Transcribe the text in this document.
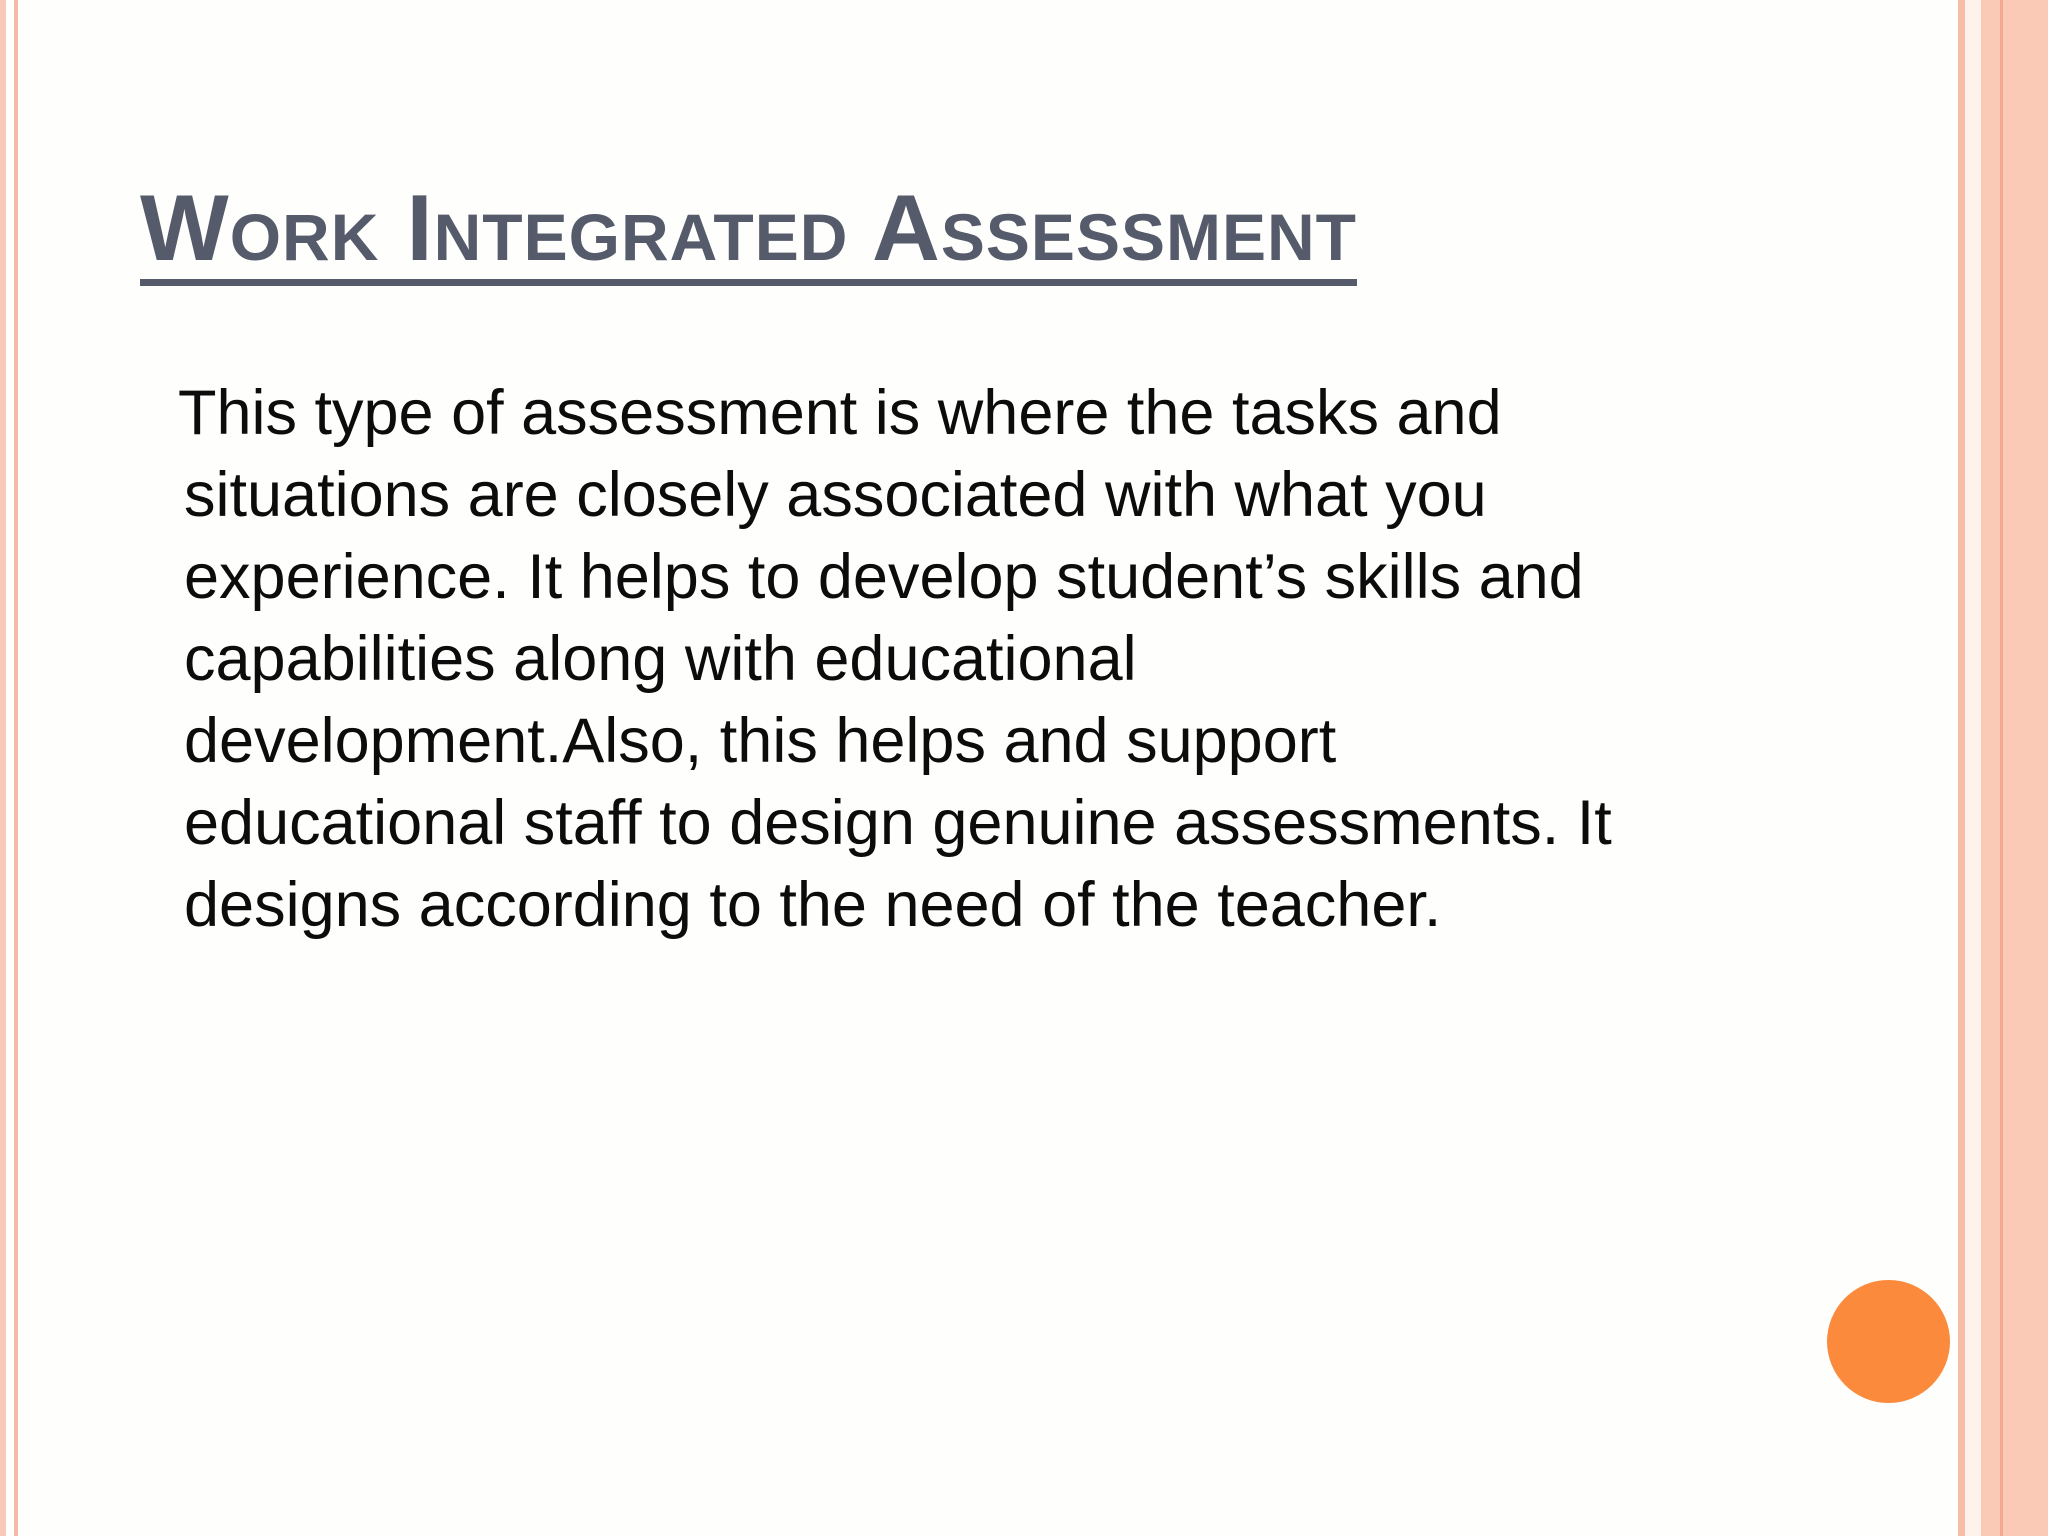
Work Integrated Assessment

This type of assessment is where the tasks and
situations are closely associated with what you
experience. It helps to develop student’s skills and
capabilities along with educational
development.Also, this helps and support
educational staff to design genuine assessments. It
designs according to the need of the teacher.
